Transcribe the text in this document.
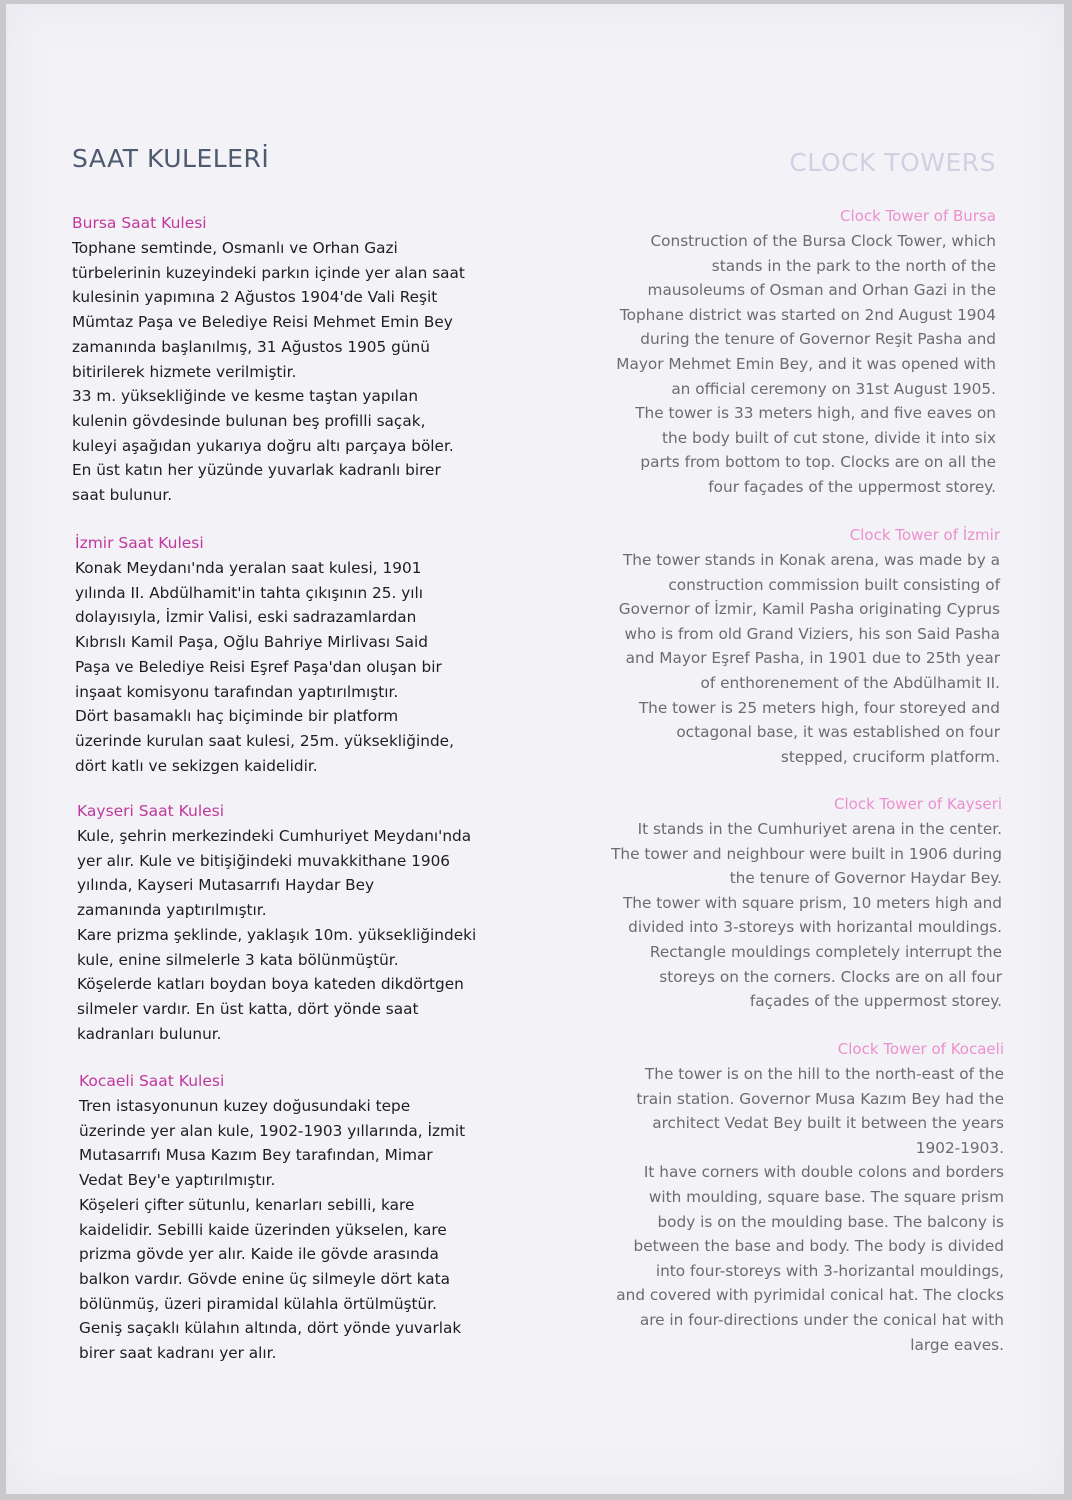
SAAT KULELERİ	CLOCK TOWERS
Bursa Saat Kulesi

Tophane semtinde, Osmanlı ve Orhan Gazi
türbelerinin kuzeyindeki parkın içinde yer alan saat
kulesinin yapımına 2 Ağustos 1904'de Vali Reşit
Mümtaz Paşa ve Belediye Reisi Mehmet Emin Bey
zamanında başlanılmış, 31 Ağustos 1905 günü
bitirilerek hizmete verilmiştir.
33 m. yüksekliğinde ve kesme taştan yapılan
kulenin gövdesinde bulunan beş profilli saçak,
kuleyi aşağıdan yukarıya doğru altı parçaya böler.
En üst katın her yüzünde yuvarlak kadranlı birer
saat bulunur.

İzmir Saat Kulesi

Konak Meydanı'nda yeralan saat kulesi, 1901
yılında II. Abdülhamit'in tahta çıkışının 25. yılı
dolayısıyla, İzmir Valisi, eski sadrazamlardan
Kıbrıslı Kamil Paşa, Oğlu Bahriye Mirlivası Said
Paşa ve Belediye Reisi Eşref Paşa'dan oluşan bir
inşaat komisyonu tarafından yaptırılmıştır.
Dört basamaklı haç biçiminde bir platform
üzerinde kurulan saat kulesi, 25m. yüksekliğinde,
dört katlı ve sekizgen kaidelidir.

Kayseri Saat Kulesi

Kule, şehrin merkezindeki Cumhuriyet Meydanı'nda
yer alır. Kule ve bitişiğindeki muvakkithane 1906
yılında, Kayseri Mutasarrıfı Haydar Bey
zamanında yaptırılmıştır.
Kare prizma şeklinde, yaklaşık 10m. yüksekliğindeki
kule, enine silmelerle 3 kata bölünmüştür.
Köşelerde katları boydan boya kateden dikdörtgen
silmeler vardır. En üst katta, dört yönde saat
kadranları bulunur.

Kocaeli Saat Kulesi

Tren istasyonunun kuzey doğusundaki tepe
üzerinde yer alan kule, 1902-1903 yıllarında, İzmit
Mutasarrıfı Musa Kazım Bey tarafından, Mimar
Vedat Bey'e yaptırılmıştır.
Köşeleri çifter sütunlu, kenarları sebilli, kare
kaidelidir. Sebilli kaide üzerinden yükselen, kare
prizma gövde yer alır. Kaide ile gövde arasında
balkon vardır. Gövde enine üç silmeyle dört kata
bölünmüş, üzeri piramidal külahla örtülmüştür.
Geniş saçaklı külahın altında, dört yönde yuvarlak
birer saat kadranı yer alır.

Clock Tower of Bursa

Construction of the Bursa Clock Tower, which
stands in the park to the north of the
mausoleums of Osman and Orhan Gazi in the
Tophane district was started on 2nd August 1904
during the tenure of Governor Reşit Pasha and
Mayor Mehmet Emin Bey, and it was opened with
an official ceremony on 31st August 1905.
The tower is 33 meters high, and five eaves on
the body built of cut stone, divide it into six
parts from bottom to top. Clocks are on all the
four façades of the uppermost storey.

Clock Tower of İzmir

The tower stands in Konak arena, was made by a
construction commission built consisting of
Governor of İzmir, Kamil Pasha originating Cyprus
who is from old Grand Viziers, his son Said Pasha
and Mayor Eşref Pasha, in 1901 due to 25th year
of enthorenement of the Abdülhamit II.
The tower is 25 meters high, four storeyed and
octagonal base, it was established on four
stepped, cruciform platform.

Clock Tower of Kayseri

It stands in the Cumhuriyet arena in the center.
The tower and neighbour were built in 1906 during
the tenure of Governor Haydar Bey.
The tower with square prism, 10 meters high and
divided into 3-storeys with horizantal mouldings.
Rectangle mouldings completely interrupt the
storeys on the corners. Clocks are on all four
façades of the uppermost storey.

Clock Tower of Kocaeli

The tower is on the hill to the north-east of the
train station. Governor Musa Kazım Bey had the
architect Vedat Bey built it between the years
1902-1903.
It have corners with double colons and borders
with moulding, square base. The square prism
body is on the moulding base. The balcony is
between the base and body. The body is divided
into four-storeys with 3-horizantal mouldings,
and covered with pyrimidal conical hat. The clocks
are in four-directions under the conical hat with
large eaves.
